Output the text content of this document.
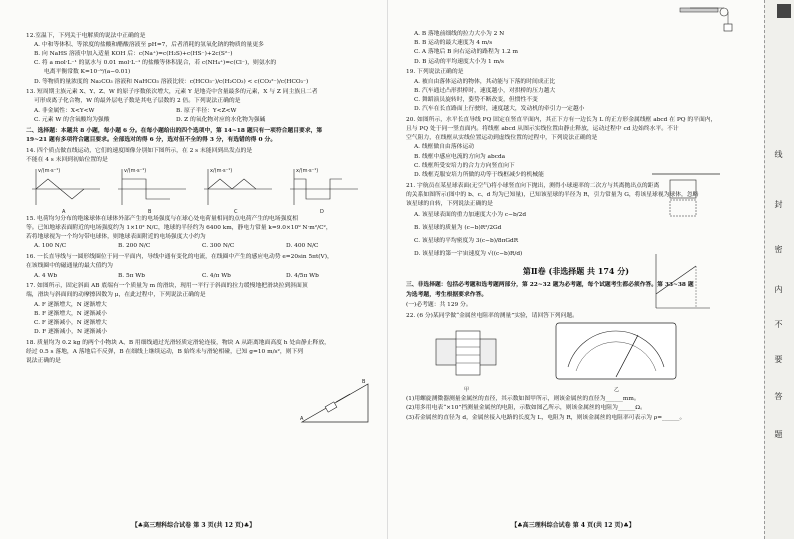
12.室温下，下列关于电解质的说法中正确的是

A. 中和等体积、等浓度的盐酸和醋酸溶液至 pH=7，后者消耗的氢氧化钠的物质的量更多

B. 向 NaHS 溶液中加入适量 KOH 后：c(Na⁺)=c(H₂S)+c(HS⁻)+2c(S²⁻)

C. 将 a mol·L⁻¹ 的氨水与 0.01 mol·L⁻¹ 的盐酸等体积混合，若 c(NH₄⁺)=c(Cl⁻)，则氨水的

电离平衡常数 K=10⁻⁹/(a−0.01)

D. 等物质的量浓度的 Na₂CO₃ 溶液和 NaHCO₃ 溶液比较：c(HCO₃⁻)/c(H₂CO₃) < c(CO₃²⁻)/c(HCO₃⁻)

13. 短周期主族元素 X、Y、Z、W 的原子序数依次增大，元素 Y 是地壳中含量最多的元素，X 与 Z 同主族且二者

可形成离子化合物，W 的最外层电子数是其电子层数的 2 倍。下列说法正确的是

A. 非金属性：X<Y<W	B. 原子半径：Y<Z<W

C. 元素 W 的含氧酸均为强酸	D. Z 的氧化物对应的水化物为强碱

二、选择题：本题共 8 小题，每小题 6 分。在每小题给出的四个选项中，第 14~18 题只有一项符合题目要求，第

19~21 题有多项符合题目要求。全部选对的得 6 分，选对但不全的得 3 分，有选错的得 0 分。

14. 四个质点做直线运动，它们的速度图像分别如下图所示，在 2 s 末能回到出发点的是

不能在 4 s 末回到初始位置的是

v/(m·s⁻¹)
A
v/(m·s⁻¹)
B
x/(m·s⁻¹)
C
x/(m·s⁻¹)
D

15. 电荷均匀分布的绝缘球体在球体外部产生的电场强度与在球心处电荷量相同的点电荷产生的电场强度相

等。已知地球表面附近的电场强度约为 1×10² N/C，地球的半径约为 6400 km，静电力常量 k=9.0×10⁹ N·m²/C²，

若将地球视为一个均匀带电球体，则地球表面附近的电场强度大小约为

A. 100 N/C	B. 200 N/C	C. 300 N/C	D. 400 N/C

16. 一长直导线与一圆形线圈位于同一平面内，导线中通有变化的电流，在线圈中产生的感应电动势 e=20sin 5πt(V)，

在该线圈中的磁通量的最大值约为

A. 4 Wb	B. 5π Wb	C. 4/π Wb	D. 4/5π Wb

17. 如图所示，固定斜面 AB 底端有一个质量为 m 的滑块，现用一平行于斜面的拉力缓慢地把滑块拉到斜面顶

端，滑块与斜面间的动摩擦因数为 μ，在此过程中，下列说法正确的是

A. F 逐渐增大，N 逐渐增大

B. F 逐渐增大，N 逐渐减小

C. F 逐渐减小，N 逐渐增大

D. F 逐渐减小，N 逐渐减小

18. 质量均为 0.2 kg 的两个小物块 A、B 用细线通过光滑轻质定滑轮连接，物块 A 从距离地面高度 h 处由静止释放，

经过 0.5 s 落地，A 落地后不反弹，B 在细线上继续运动，B 始终未与滑轮相碰，已知 g=10 m/s²，则下列

说法正确的是

A
B
【♣高三理科综合试卷 第 3 页(共 12 页)♣】

A. B 落地前细线的拉力大小为 2 N

B. B 运动的最大速度为 4 m/s

C. A 落地后 B 向右运动的路程为 1.2 m

D. B 运动的平均速度大小为 1 m/s

19. 下列说法正确的是

A. 被自由落体运动的物体，其动能与下落的时间成正比

B. 汽车通过凸形拱桥时，速度越小，对拱桥的压力越大

C. 舞蹈演员旋转时，姿势不断改变，但惯性不变

D. 汽车在长直路面上行驶时，速度越大，发动机的牵引力一定越小

20. 如图所示，水平长直导线 PQ 固定在竖直平面内，其正下方有一边长为 L 的正方形金属线框 abcd 在 PQ 的平面内，

且与 PQ 处于同一竖直面内。将线框 abcd 从图示实线位置由静止释放，运动过程中 cd 边始终水平。不计

空气阻力，在线框从实线位置运动到虚线位置的过程中，下列说法正确的是

A. 线框做自由落体运动

B. 线框中感应电流的方向为 abcda

C. 线框所受安培力的合力方向竖直向下

D. 线框克服安培力所做的功等于线框减少的机械能

21. 宇航员在某星球表面(无空气)将小球竖直向下抛出，测得小球速率的二次方与其离抛出点的距离

的关系如图所示(图中的 b、c、d 均为已知量)，已知该星球的半径为 R，引力常量为 G，将该星球视为球体，忽略

该星球的自转，下列说法正确的是

A. 该星球表面的重力加速度大小为 c−b/2d

B. 该星球的质量为 (c−b)R²/2Gd

C. 该星球的平均密度为 3(c−b)/8πGdR

D. 该星球的第一宇宙速度为 √((c−b)R/d)

第Ⅱ卷 (非选择题 共 174 分)

三、非选择题：包括必考题和选考题两部分，第 22~32 题为必考题，每个试题考生都必须作答。第 33~38 题

为选考题，考生根据要求作答。

(一)必考题：共 129 分。

22. (6 分)某同学做“金属丝电阻率的测量”实验，请回答下列问题。

甲	乙

(1)用螺旋测微器测量金属丝的直径，其示数如图甲所示，则该金属丝的直径为______mm。

(2)用多用电表“×10”挡测量金属丝的电阻，示数如图乙所示，则该金属丝的电阻为______Ω。

(3)若金属丝的直径为 d，金属丝接入电路的长度为 L，电阻为 R，则该金属丝的电阻率可表示为 ρ=______。

【♣高三理科综合试卷 第 4 页(共 12 页)♣】
线
封
密
内
不
要
答
题
